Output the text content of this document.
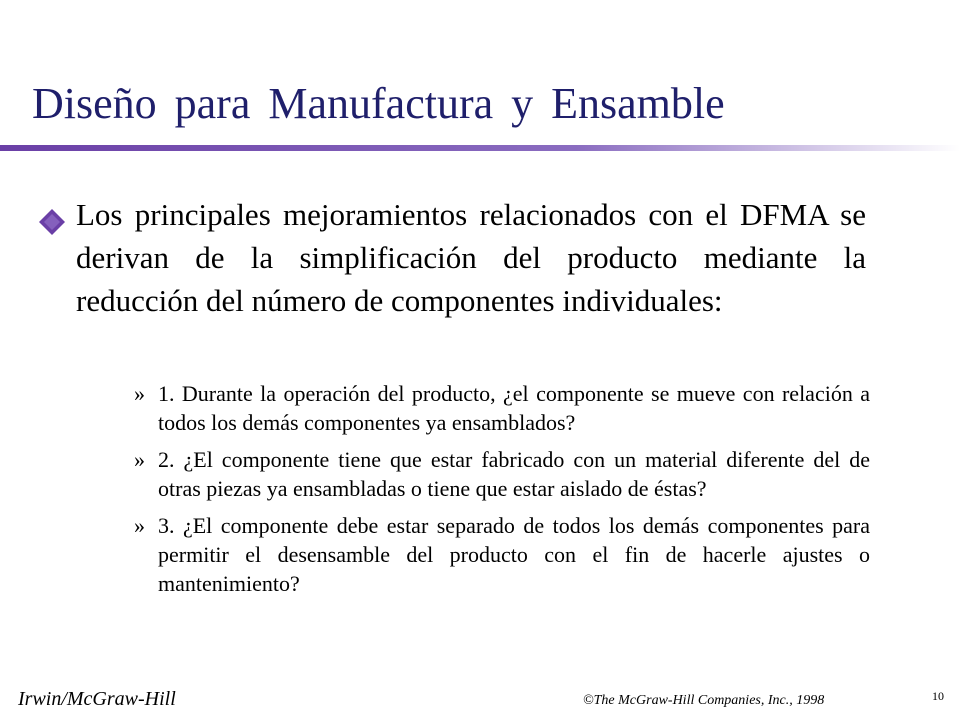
Diseño para Manufactura y Ensamble
Los principales mejoramientos relacionados con el DFMA se derivan de la simplificación del producto mediante la reducción del número de componentes individuales:
» 1. Durante la operación del producto, ¿el componente se mueve con relación a todos los demás componentes ya ensamblados?
» 2. ¿El componente tiene que estar fabricado con un material diferente del de otras piezas ya ensambladas o tiene que estar aislado de éstas?
» 3. ¿El componente debe estar separado de todos los demás componentes para permitir el desensamble del producto con el fin de hacerle ajustes o mantenimiento?
Irwin/McGraw-Hill	©The McGraw-Hill Companies, Inc., 1998	10
